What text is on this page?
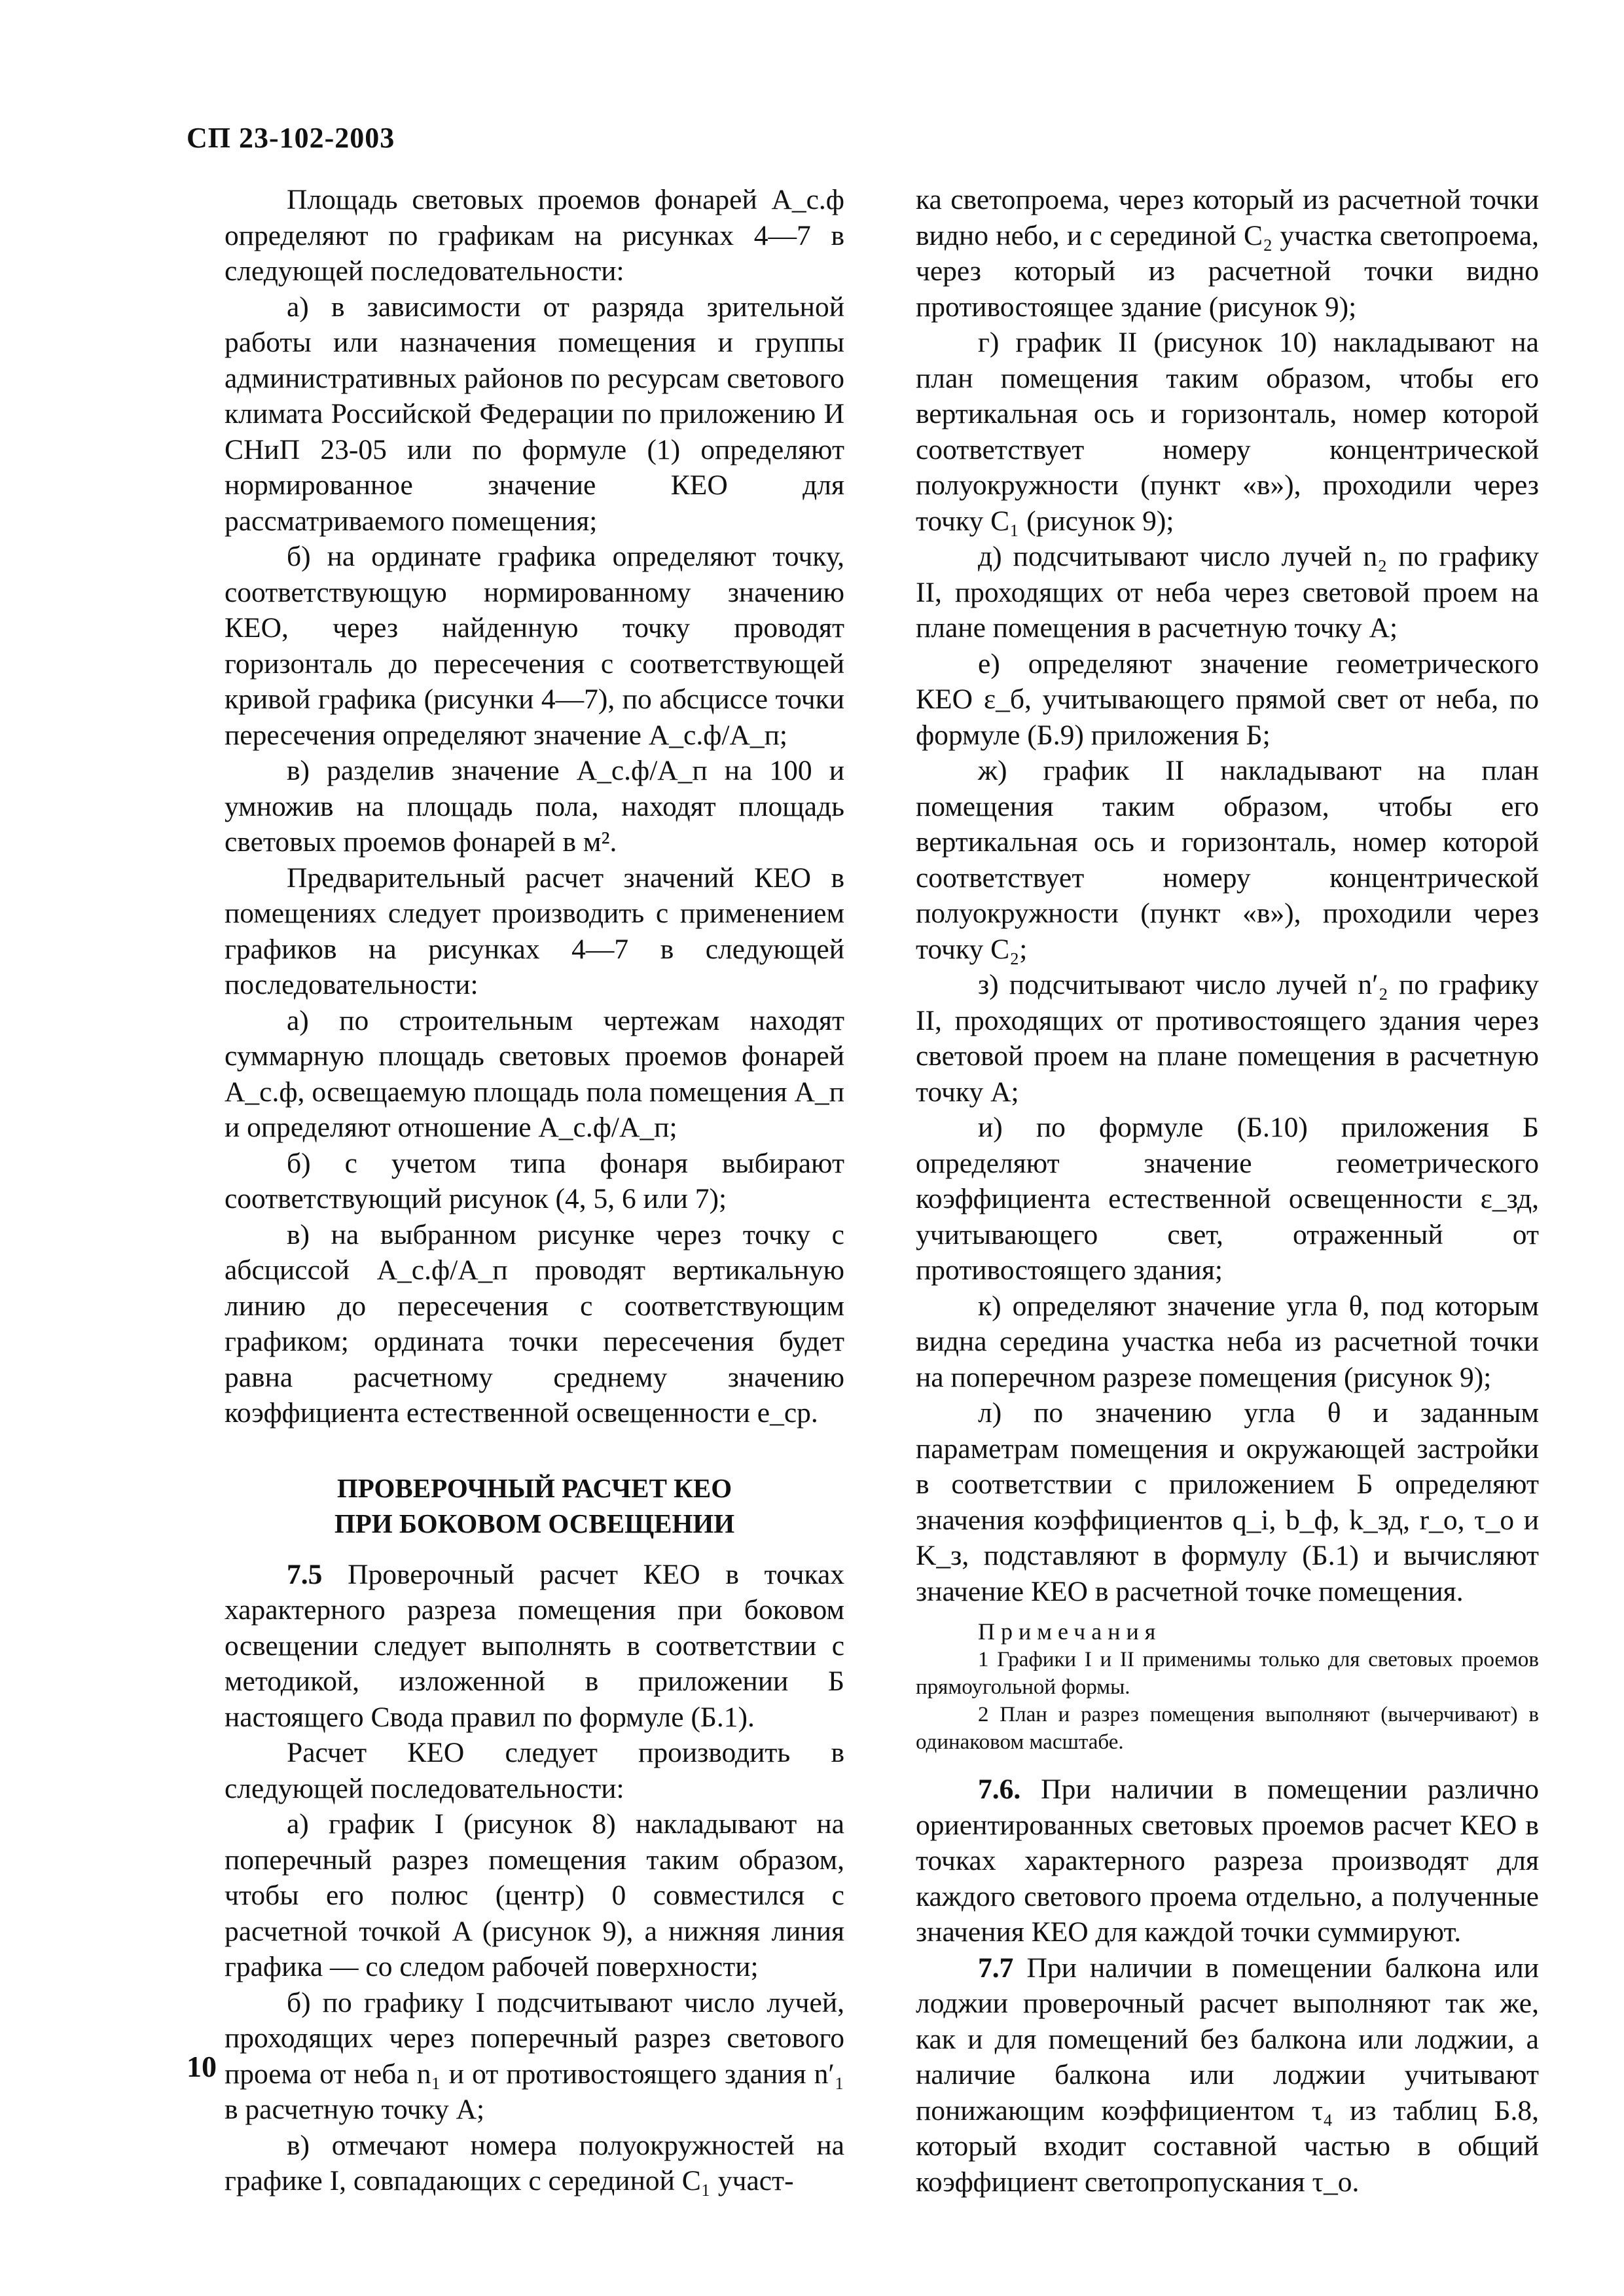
СП 23-102-2003

Площадь световых проемов фонарей A_с.ф определяют по графикам на рисунках 4—7 в следующей последовательности:

а) в зависимости от разряда зрительной работы или назначения помещения и группы административных районов по ресурсам светового климата Российской Федерации по приложению И СНиП 23-05 или по формуле (1) определяют нормированное значение КЕО для рассматриваемого помещения;

б) на ординате графика определяют точку, соответствующую нормированному значению КЕО, через найденную точку проводят горизонталь до пересечения с соответствующей кривой графика (рисунки 4—7), по абсциссе точки пересечения определяют значение A_с.ф/A_п;

в) разделив значение A_с.ф/A_п на 100 и умножив на площадь пола, находят площадь световых проемов фонарей в м².

Предварительный расчет значений КЕО в помещениях следует производить с применением графиков на рисунках 4—7 в следующей последовательности:

а) по строительным чертежам находят суммарную площадь световых проемов фонарей A_с.ф, освещаемую площадь пола помещения A_п и определяют отношение A_с.ф/A_п;

б) с учетом типа фонаря выбирают соответствующий рисунок (4, 5, 6 или 7);

в) на выбранном рисунке через точку с абсциссой A_с.ф/A_п проводят вертикальную линию до пересечения с соответствующим графиком; ордината точки пересечения будет равна расчетному среднему значению коэффициента естественной освещенности e_ср.

ПРОВЕРОЧНЫЙ РАСЧЕТ КЕО
ПРИ БОКОВОМ ОСВЕЩЕНИИ

7.5 Проверочный расчет КЕО в точках характерного разреза помещения при боковом освещении следует выполнять в соответствии с методикой, изложенной в приложении Б настоящего Свода правил по формуле (Б.1).

Расчет КЕО следует производить в следующей последовательности:

а) график I (рисунок 8) накладывают на поперечный разрез помещения таким образом, чтобы его полюс (центр) 0 совместился с расчетной точкой A (рисунок 9), а нижняя линия графика — со следом рабочей поверхности;

б) по графику I подсчитывают число лучей, проходящих через поперечный разрез светового проема от неба n₁ и от противостоящего здания n′₁ в расчетную точку A;

в) отмечают номера полуокружностей на графике I, совпадающих с серединой C₁ участ-

ка светопроема, через который из расчетной точки видно небо, и с серединой C₂ участка светопроема, через который из расчетной точки видно противостоящее здание (рисунок 9);

г) график II (рисунок 10) накладывают на план помещения таким образом, чтобы его вертикальная ось и горизонталь, номер которой соответствует номеру концентрической полуокружности (пункт «в»), проходили через точку C₁ (рисунок 9);

д) подсчитывают число лучей n₂ по графику II, проходящих от неба через световой проем на плане помещения в расчетную точку A;

е) определяют значение геометрического КЕО ε_б, учитывающего прямой свет от неба, по формуле (Б.9) приложения Б;

ж) график II накладывают на план помещения таким образом, чтобы его вертикальная ось и горизонталь, номер которой соответствует номеру концентрической полуокружности (пункт «в»), проходили через точку C₂;

з) подсчитывают число лучей n′₂ по графику II, проходящих от противостоящего здания через световой проем на плане помещения в расчетную точку A;

и) по формуле (Б.10) приложения Б определяют значение геометрического коэффициента естественной освещенности ε_зд, учитывающего свет, отраженный от противостоящего здания;

к) определяют значение угла θ, под которым видна середина участка неба из расчетной точки на поперечном разрезе помещения (рисунок 9);

л) по значению угла θ и заданным параметрам помещения и окружающей застройки в соответствии с приложением Б определяют значения коэффициентов q_i, b_ф, k_зд, r_о, τ_о и K_з, подставляют в формулу (Б.1) и вычисляют значение КЕО в расчетной точке помещения.

Примечания

1 Графики I и II применимы только для световых проемов прямоугольной формы.

2 План и разрез помещения выполняют (вычерчивают) в одинаковом масштабе.

7.6. При наличии в помещении различно ориентированных световых проемов расчет КЕО в точках характерного разреза производят для каждого светового проема отдельно, а полученные значения КЕО для каждой точки суммируют.

7.7 При наличии в помещении балкона или лоджии проверочный расчет выполняют так же, как и для помещений без балкона или лоджии, а наличие балкона или лоджии учитывают понижающим коэффициентом τ₄ из таблиц Б.8, который входит составной частью в общий коэффициент светопропускания τ_о.

10
